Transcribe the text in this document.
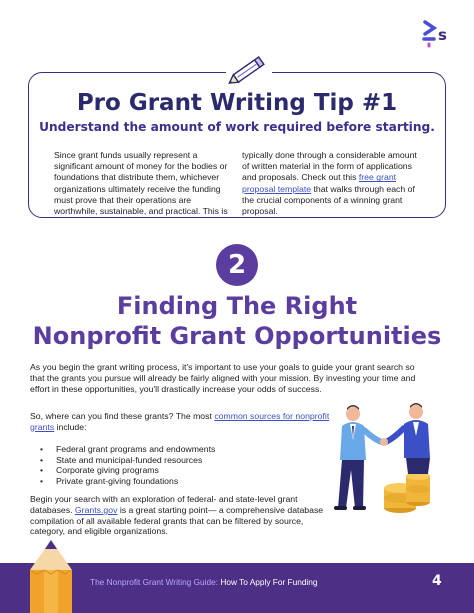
s
Pro Grant Writing Tip #1
Understand the amount of work required before starting.
Since grant funds usually represent a significant amount of money for the bodies or foundations that distribute them, whichever organizations ultimately receive the funding must prove that their operations are worthwhile, sustainable, and practical. This is
typically done through a considerable amount of written material in the form of applications and proposals. Check out this free grant proposal template that walks through each of the crucial components of a winning grant proposal.
2
Finding The Right
Nonprofit Grant Opportunities
As you begin the grant writing process, it's important to use your goals to guide your grant search so that the grants you pursue will already be fairly aligned with your mission. By investing your time and effort in these opportunities, you'll drastically increase your odds of success.
So, where can you find these grants? The most common sources for nonprofit grants include:
• Federal grant programs and endowments
• State and municipal-funded resources
• Corporate giving programs
• Private grant-giving foundations
Begin your search with an exploration of federal- and state-level grant databases. Grants.gov is a great starting point— a comprehensive database compilation of all available federal grants that can be filtered by source, category, and eligible organizations.
The Nonprofit Grant Writing Guide: How To Apply For Funding	4
